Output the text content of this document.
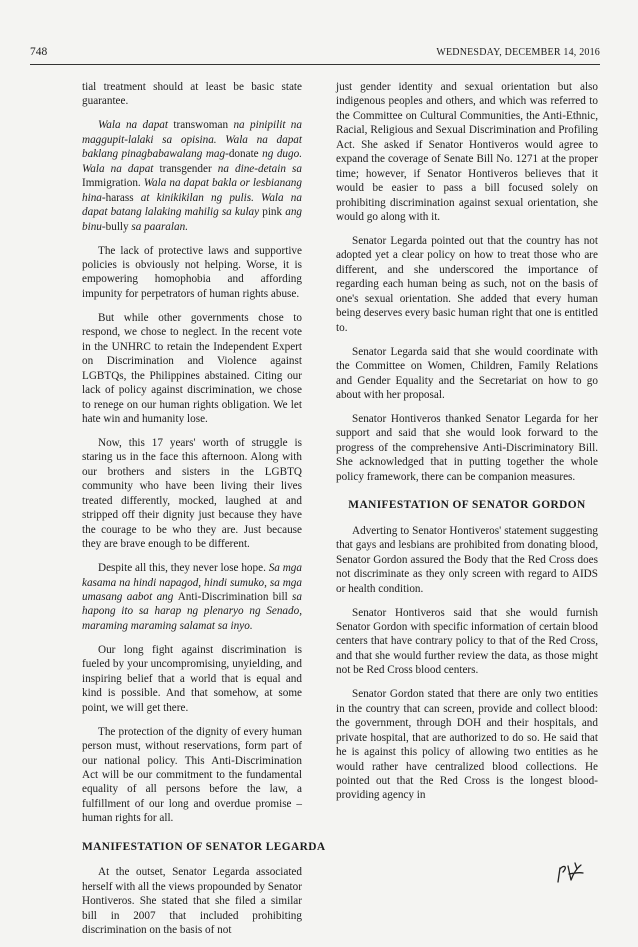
748	WEDNESDAY, DECEMBER 14, 2016

tial treatment should at least be basic state guarantee.

Wala na dapat transwoman na pinipilit na maggupit-lalaki sa opisina. Wala na dapat baklang pinagbabawalang mag-donate ng dugo. Wala na dapat transgender na dine-detain sa Immigration. Wala na dapat bakla or lesbianang hina-harass at kinikikilan ng pulis. Wala na dapat batang lalaking mahilig sa kulay pink ang binu-bully sa paaralan.

The lack of protective laws and supportive policies is obviously not helping. Worse, it is empowering homophobia and affording impunity for perpetrators of human rights abuse.

But while other governments chose to respond, we chose to neglect. In the recent vote in the UNHRC to retain the Independent Expert on Discrimination and Violence against LGBTQs, the Philippines abstained. Citing our lack of policy against discrimination, we chose to renege on our human rights obligation. We let hate win and humanity lose.

Now, this 17 years' worth of struggle is staring us in the face this afternoon. Along with our brothers and sisters in the LGBTQ community who have been living their lives treated differently, mocked, laughed at and stripped off their dignity just because they have the courage to be who they are. Just because they are brave enough to be different.

Despite all this, they never lose hope. Sa mga kasama na hindi napagod, hindi sumuko, sa mga umasang aabot ang Anti-Discrimination bill sa hapong ito sa harap ng plenaryo ng Senado, maraming maraming salamat sa inyo.

Our long fight against discrimination is fueled by your uncompromising, unyielding, and inspiring belief that a world that is equal and kind is possible. And that somehow, at some point, we will get there.

The protection of the dignity of every human person must, without reservations, form part of our national policy. This Anti-Discrimination Act will be our commitment to the fundamental equality of all persons before the law, a fulfillment of our long and overdue promise – human rights for all.

MANIFESTATION OF SENATOR LEGARDA

At the outset, Senator Legarda associated herself with all the views propounded by Senator Hontiveros. She stated that she filed a similar bill in 2007 that included prohibiting discrimination on the basis of not

just gender identity and sexual orientation but also indigenous peoples and others, and which was referred to the Committee on Cultural Communities, the Anti-Ethnic, Racial, Religious and Sexual Discrimination and Profiling Act. She asked if Senator Hontiveros would agree to expand the coverage of Senate Bill No. 1271 at the proper time; however, if Senator Hontiveros believes that it would be easier to pass a bill focused solely on prohibiting discrimination against sexual orientation, she would go along with it.

Senator Legarda pointed out that the country has not adopted yet a clear policy on how to treat those who are different, and she underscored the importance of regarding each human being as such, not on the basis of one's sexual orientation. She added that every human being deserves every basic human right that one is entitled to.

Senator Legarda said that she would coordinate with the Committee on Women, Children, Family Relations and Gender Equality and the Secretariat on how to go about with her proposal.

Senator Hontiveros thanked Senator Legarda for her support and said that she would look forward to the progress of the comprehensive Anti-Discriminatory Bill. She acknowledged that in putting together the whole policy framework, there can be companion measures.

MANIFESTATION OF SENATOR GORDON

Adverting to Senator Hontiveros' statement suggesting that gays and lesbians are prohibited from donating blood, Senator Gordon assured the Body that the Red Cross does not discriminate as they only screen with regard to AIDS or health condition.

Senator Hontiveros said that she would furnish Senator Gordon with specific information of certain blood centers that have contrary policy to that of the Red Cross, and that she would further review the data, as those might not be Red Cross blood centers.

Senator Gordon stated that there are only two entities in the country that can screen, provide and collect blood: the government, through DOH and their hospitals, and private hospital, that are authorized to do so. He said that he is against this policy of allowing two entities as he would rather have centralized blood collections. He pointed out that the Red Cross is the longest blood-providing agency in
